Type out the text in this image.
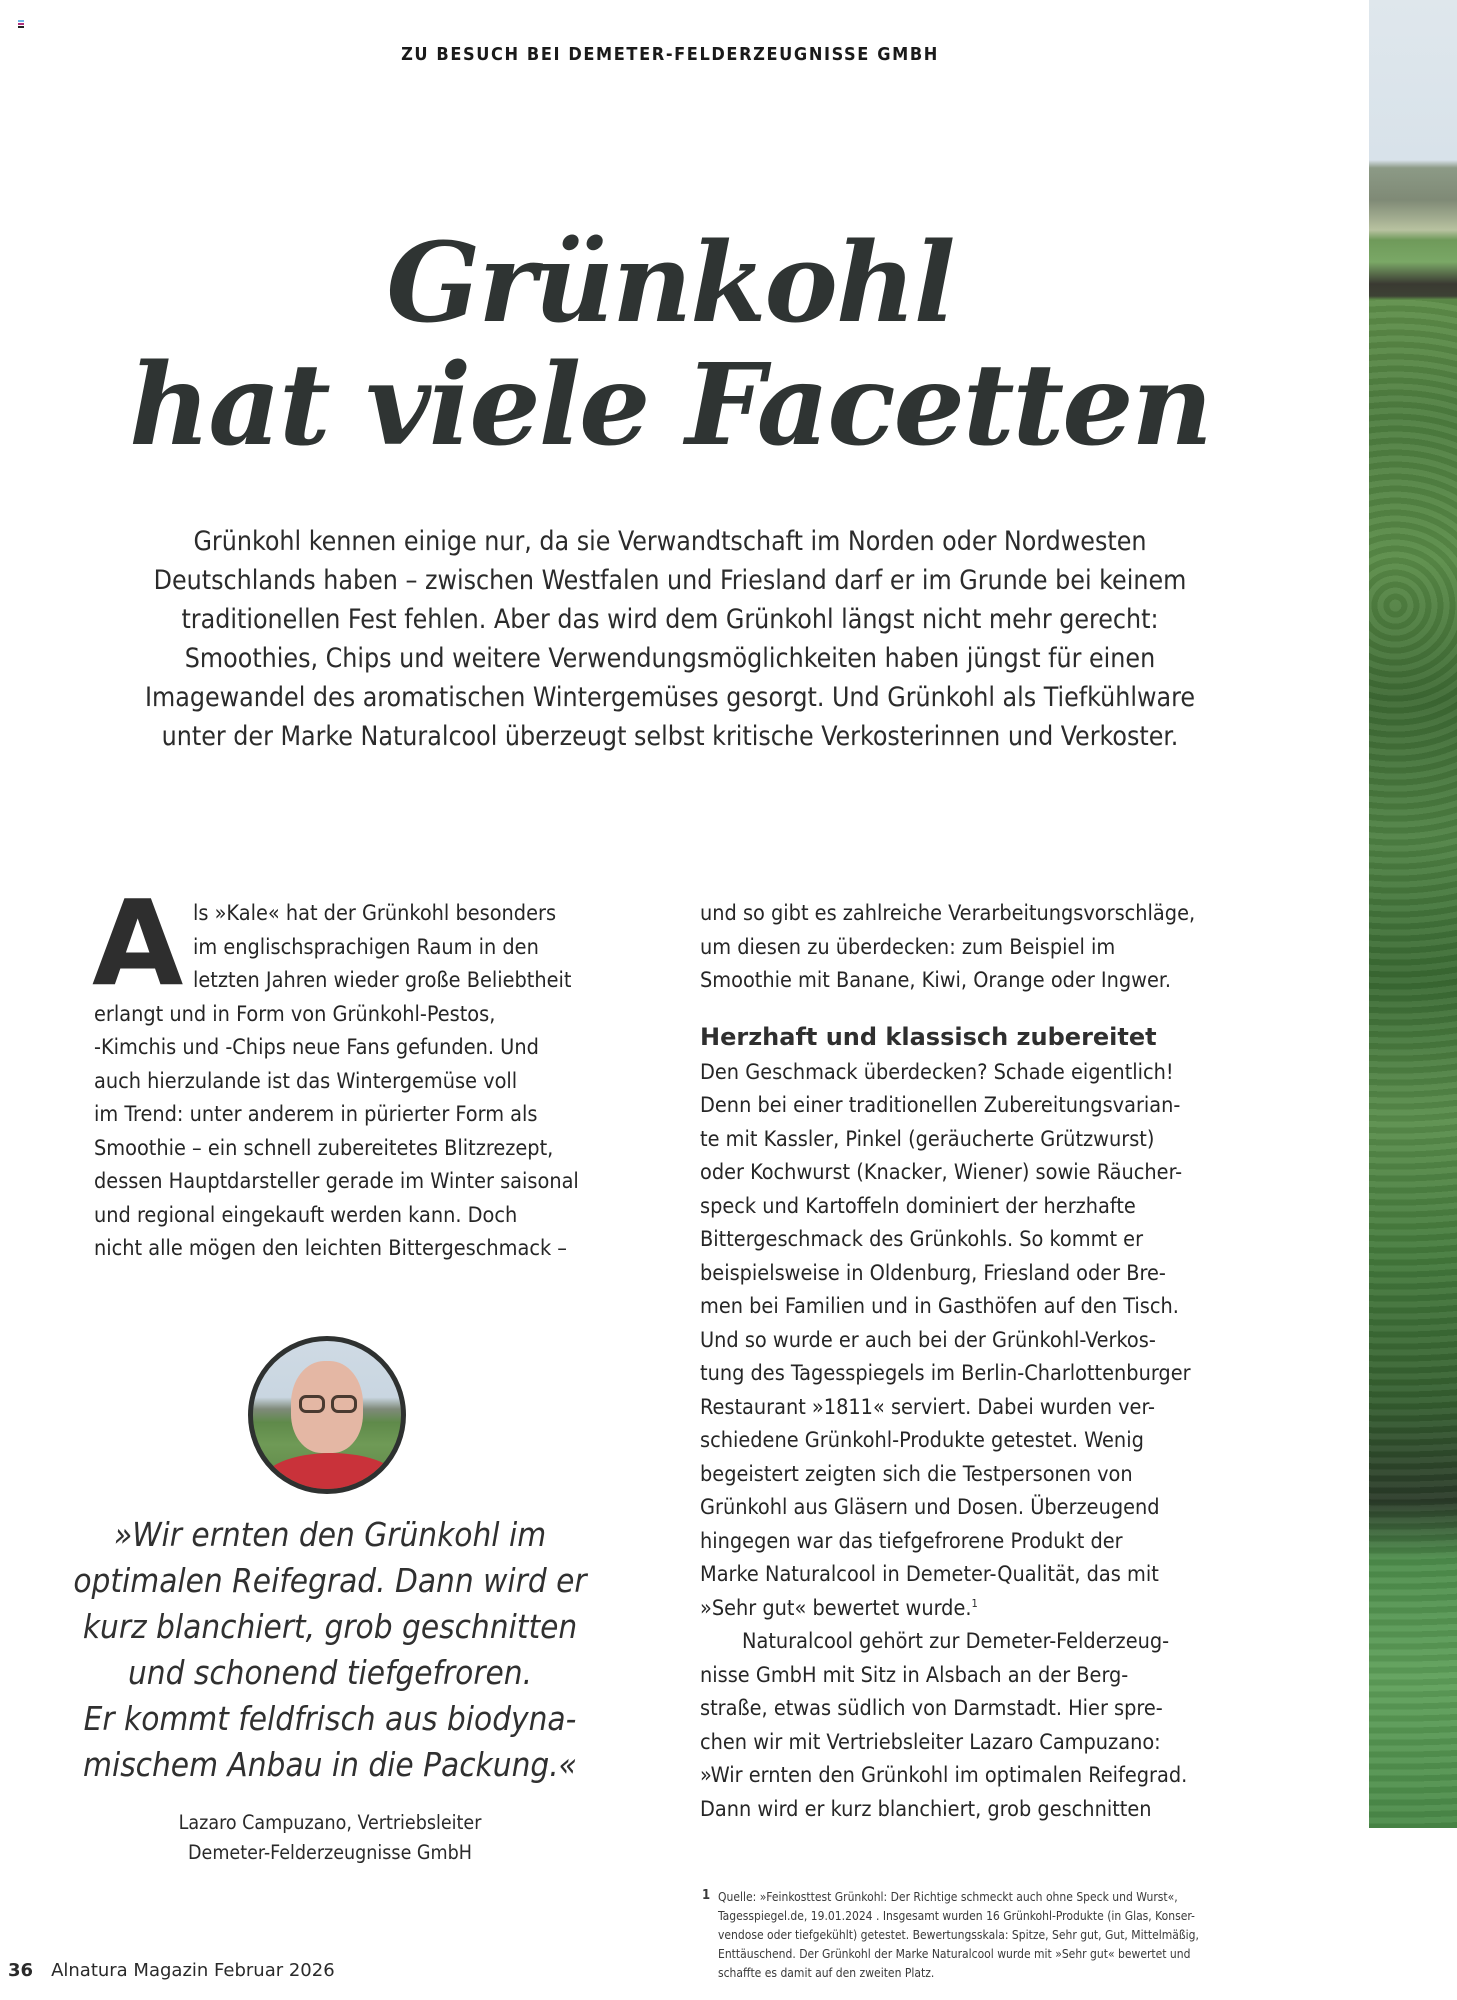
ZU BESUCH BEI DEMETER-FELDERZEUGNISSE GMBH
Grünkohl
hat viele Facetten
Grünkohl kennen einige nur, da sie Verwandtschaft im Norden oder Nordwesten
Deutschlands haben – zwischen Westfalen und Friesland darf er im Grunde bei keinem
traditionellen Fest fehlen. Aber das wird dem Grünkohl längst nicht mehr gerecht:
Smoothies, Chips und weitere Verwendungsmöglichkeiten haben jüngst für einen
Imagewandel des aromatischen Wintergemüses gesorgt. Und Grünkohl als Tiefkühlware
unter der Marke Naturalcool überzeugt selbst kritische Verkosterinnen und Verkoster.
A ls »Kale« hat der Grünkohl besonders
im englischsprachigen Raum in den
letzten Jahren wieder große Beliebtheit
erlangt und in Form von Grünkohl-Pestos,
-Kimchis und -Chips neue Fans gefunden. Und
auch hierzulande ist das Wintergemüse voll
im Trend: unter anderem in pürierter Form als
Smoothie – ein schnell zubereitetes Blitzrezept,
dessen Hauptdarsteller gerade im Winter saisonal
und regional eingekauft werden kann. Doch
nicht alle mögen den leichten Bittergeschmack –
»Wir ernten den Grünkohl im
optimalen Reifegrad. Dann wird er
kurz blanchiert, grob geschnitten
und schonend tiefgefroren.
Er kommt feldfrisch aus biodyna-
mischem Anbau in die Packung.«
Lazaro Campuzano, Vertriebsleiter
Demeter-Felderzeugnisse GmbH
und so gibt es zahlreiche Verarbeitungsvorschläge,
um diesen zu überdecken: zum Beispiel im
Smoothie mit Banane, Kiwi, Orange oder Ingwer.
Herzhaft und klassisch zubereitet
Den Geschmack überdecken? Schade eigentlich!
Denn bei einer traditionellen Zubereitungsvarian-
te mit Kassler, Pinkel (geräucherte Grützwurst)
oder Kochwurst (Knacker, Wiener) sowie Räucher-
speck und Kartoffeln dominiert der herzhafte
Bittergeschmack des Grünkohls. So kommt er
beispielsweise in Oldenburg, Friesland oder Bre-
men bei Familien und in Gasthöfen auf den Tisch.
Und so wurde er auch bei der Grünkohl-Verkos-
tung des Tagesspiegels im Berlin-Charlottenburger
Restaurant »1811« serviert. Dabei wurden ver-
schiedene Grünkohl-Produkte getestet. Wenig
begeistert zeigten sich die Testpersonen von
Grünkohl aus Gläsern und Dosen. Überzeugend
hingegen war das tiefgefrorene Produkt der
Marke Naturalcool in Demeter-Qualität, das mit
»Sehr gut« bewertet wurde.$^1$
Naturalcool gehört zur Demeter-Felderzeug-
nisse GmbH mit Sitz in Alsbach an der Berg-
straße, etwas südlich von Darmstadt. Hier spre-
chen wir mit Vertriebsleiter Lazaro Campuzano:
»Wir ernten den Grünkohl im optimalen Reifegrad.
Dann wird er kurz blanchiert, grob geschnitten
1 Quelle: »Feinkosttest Grünkohl: Der Richtige schmeckt auch ohne Speck und Wurst«,
Tagesspiegel.de, 19.01.2024 . Insgesamt wurden 16 Grünkohl-Produkte (in Glas, Konser-
vendose oder tiefgekühlt) getestet. Bewertungsskala: Spitze, Sehr gut, Gut, Mittelmäßig,
Enttäuschend. Der Grünkohl der Marke Naturalcool wurde mit »Sehr gut« bewertet und
schaffte es damit auf den zweiten Platz.
36 Alnatura Magazin Februar 2026
